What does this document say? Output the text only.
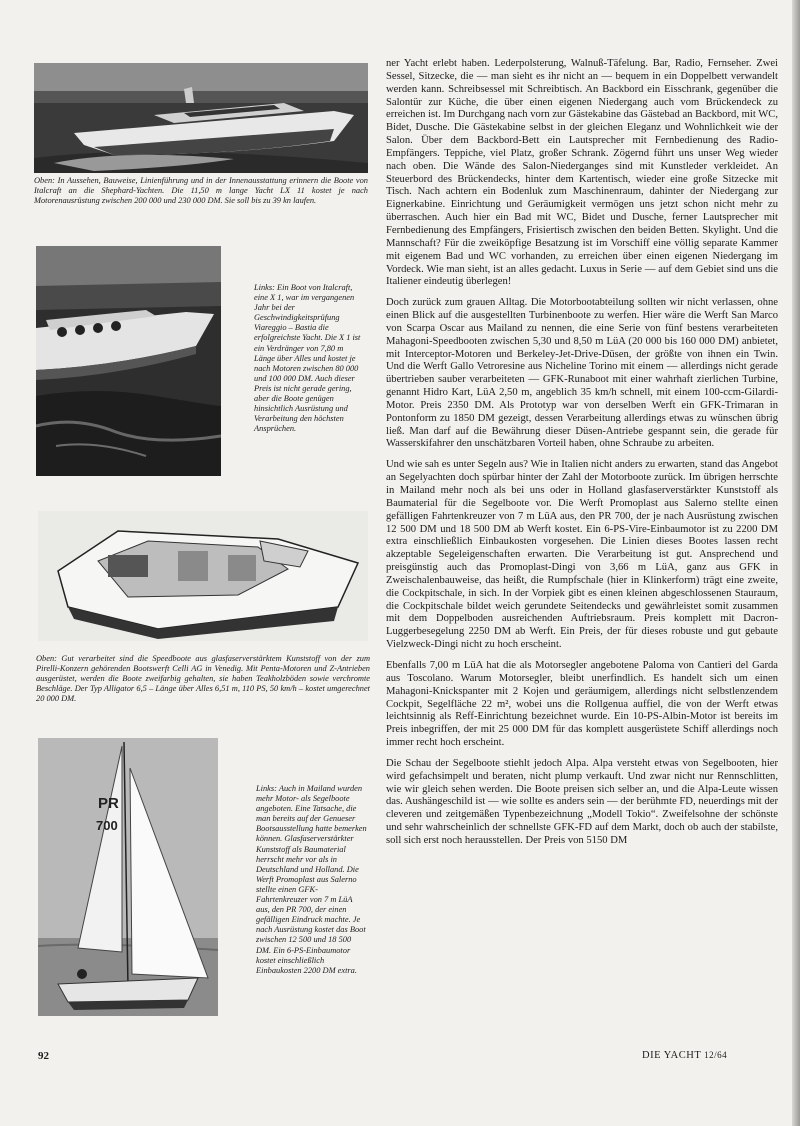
Oben: In Aussehen, Bauweise, Linienführung und in der Innenausstattung erinnern die Boote von Italcraft an die Shephard-Yachten. Die 11,50 m lange Yacht LX 11 kostet je nach Motorenausrüstung zwischen 200 000 und 230 000 DM. Sie soll bis zu 39 kn laufen.
Links: Ein Boot von Italcraft, eine X 1, war im vergangenen Jahr bei der Geschwindigkeitsprüfung Viareggio – Bastia die erfolgreichste Yacht. Die X 1 ist ein Verdränger von 7,80 m Länge über Alles und kostet je nach Motoren zwischen 80 000 und 100 000 DM. Auch dieser Preis ist nicht gerade gering, aber die Boote genügen hinsichtlich Ausrüstung und Verarbeitung den höchsten Ansprüchen.
Oben: Gut verarbeitet sind die Speedboote aus glasfaserverstärktem Kunststoff von der zum Pirelli-Konzern gehörenden Bootswerft Celli AG in Venedig. Mit Penta-Motoren und Z-Antrieben ausgerüstet, werden die Boote zweifarbig gehalten, sie haben Teakholzböden sowie verchromte Beschläge. Der Typ Alligator 6,5 – Länge über Alles 6,51 m, 110 PS, 50 km/h – kostet umgerechnet 20 000 DM.
PR
700
Links: Auch in Mailand wurden mehr Motor- als Segelboote angeboten. Eine Tatsache, die man bereits auf der Genueser Bootsausstellung hatte bemerken können. Glasfaserverstärkter Kunststoff als Baumaterial herrscht mehr vor als in Deutschland und Holland. Die Werft Promoplast aus Salerno stellte einen GFK-Fahrtenkreuzer von 7 m LüA aus, den PR 700, der einen gefälligen Eindruck machte. Je nach Ausrüstung kostet das Boot zwischen 12 500 und 18 500 DM. Ein 6-PS-Einbaumotor kostet einschließlich Einbaukosten 2200 DM extra.

ner Yacht erlebt haben. Lederpolsterung, Walnuß-Täfelung. Bar, Radio, Fernseher. Zwei Sessel, Sitzecke, die — man sieht es ihr nicht an — bequem in ein Doppelbett verwandelt werden kann. Schreibsessel mit Schreibtisch. An Backbord ein Eisschrank, gegenüber die Salontür zur Küche, die über einen eigenen Niedergang auch vom Brückendeck zu erreichen ist. Im Durchgang nach vorn zur Gästekabine das Gästebad an Backbord, mit WC, Bidet, Dusche. Die Gästekabine selbst in der gleichen Eleganz und Wohnlichkeit wie der Salon. Über dem Backbord-Bett ein Lautsprecher mit Fernbedienung des Radio-Empfängers. Teppiche, viel Platz, großer Schrank. Zögernd führt uns unser Weg wieder nach oben. Die Wände des Salon-Niederganges sind mit Kunstleder verkleidet. An Steuerbord des Brückendecks, hinter dem Kartentisch, wieder eine große Sitzecke mit Tisch. Nach achtern ein Bodenluk zum Maschinenraum, dahinter der Niedergang zur Eignerkabine. Einrichtung und Geräumigkeit vermögen uns jetzt schon nicht mehr zu überraschen. Auch hier ein Bad mit WC, Bidet und Dusche, ferner Lautsprecher mit Fernbedienung des Empfängers, Frisiertisch zwischen den beiden Betten. Skylight. Und die Mannschaft? Für die zweiköpfige Besatzung ist im Vorschiff eine völlig separate Kammer mit eigenem Bad und WC vorhanden, zu erreichen über einen eigenen Niedergang im Vordeck. Wie man sieht, ist an alles gedacht. Luxus in Serie — auf dem Gebiet sind uns die Italiener eindeutig überlegen!

Doch zurück zum grauen Alltag. Die Motorbootabteilung sollten wir nicht verlassen, ohne einen Blick auf die ausgestellten Turbinenboote zu werfen. Hier wäre die Werft San Marco von Scarpa Oscar aus Mailand zu nennen, die eine Serie von fünf bestens verarbeiteten Mahagoni-Speedbooten zwischen 5,30 und 8,50 m LüA (20 000 bis 160 000 DM) anbietet, mit Interceptor-Motoren und Berkeley-Jet-Drive-Düsen, der größte von ihnen ein Twin. Und die Werft Gallo Vetroresine aus Nicheline Torino mit einem — allerdings nicht gerade übertrieben sauber verarbeiteten — GFK-Runaboot mit einer wahrhaft zierlichen Turbine, genannt Hidro Kart, LüA 2,50 m, angeblich 35 km/h schnell, mit einem 100-ccm-Gilardi-Motor. Preis 2350 DM. Als Prototyp war von derselben Werft ein GFK-Trimaran in Pontonform zu 1850 DM gezeigt, dessen Verarbeitung allerdings etwas zu wünschen übrig ließ. Man darf auf die Bewährung dieser Düsen-Antriebe gespannt sein, die gerade für Wasserskifahrer den unschätzbaren Vorteil haben, ohne Schraube zu arbeiten.

Und wie sah es unter Segeln aus? Wie in Italien nicht anders zu erwarten, stand das Angebot an Segelyachten doch spürbar hinter der Zahl der Motorboote zurück. Im übrigen herrschte in Mailand mehr noch als bei uns oder in Holland glasfaserverstärkter Kunststoff als Baumaterial für die Segelboote vor. Die Werft Promoplast aus Salerno stellte einen gefälligen Fahrtenkreuzer von 7 m LüA aus, den PR 700, der je nach Ausrüstung zwischen 12 500 DM und 18 500 DM ab Werft kostet. Ein 6-PS-Vire-Einbaumotor ist zu 2200 DM extra einschließlich Einbaukosten vorgesehen. Die Linien dieses Bootes lassen recht akzeptable Segeleigenschaften erwarten. Die Verarbeitung ist gut. Ansprechend und preisgünstig auch das Promoplast-Dingi von 3,66 m LüA, ganz aus GFK in Zweischalenbauweise, das heißt, die Rumpfschale (hier in Klinkerform) trägt eine zweite, die Cockpitschale, in sich. In der Vorpiek gibt es einen kleinen abgeschlossenen Stauraum, die Cockpitschale bildet weich gerundete Seitendecks und gewährleistet somit zusammen mit dem Doppelboden ausreichenden Auftriebsraum. Preis komplett mit Dacron-Luggerbesegelung 2250 DM ab Werft. Ein Preis, der für dieses robuste und gut gebaute Vielzweck-Dingi nicht zu hoch erscheint.

Ebenfalls 7,00 m LüA hat die als Motorsegler angebotene Paloma von Cantieri del Garda aus Toscolano. Warum Motorsegler, bleibt unerfindlich. Es handelt sich um einen Mahagoni-Knickspanter mit 2 Kojen und geräumigem, allerdings nicht selbstlenzendem Cockpit, Segelfläche 22 m², wobei uns die Rollgenua auffiel, die von der Werft etwas leichtsinnig als Reff-Einrichtung bezeichnet wurde. Ein 10-PS-Albin-Motor ist bereits im Preis inbegriffen, der mit 25 000 DM für das komplett ausgerüstete Schiff allerdings noch immer recht hoch erscheint.

Die Schau der Segelboote stiehlt jedoch Alpa. Alpa versteht etwas von Segelbooten, hier wird gefachsimpelt und beraten, nicht plump verkauft. Und zwar nicht nur Rennschlitten, wie wir gleich sehen werden. Die Boote preisen sich selber an, und die Alpa-Leute wissen das. Aushängeschild ist — wie sollte es anders sein — der berühmte FD, neuerdings mit der cleveren und zeitgemäßen Typenbezeichnung „Modell Tokio“. Zweifelsohne der schönste und sehr wahrscheinlich der schnellste GFK-FD auf dem Markt, doch ob auch der stabilste, soll sich erst noch herausstellen. Der Preis von 5150 DM

92	DIE YACHT 12/64
